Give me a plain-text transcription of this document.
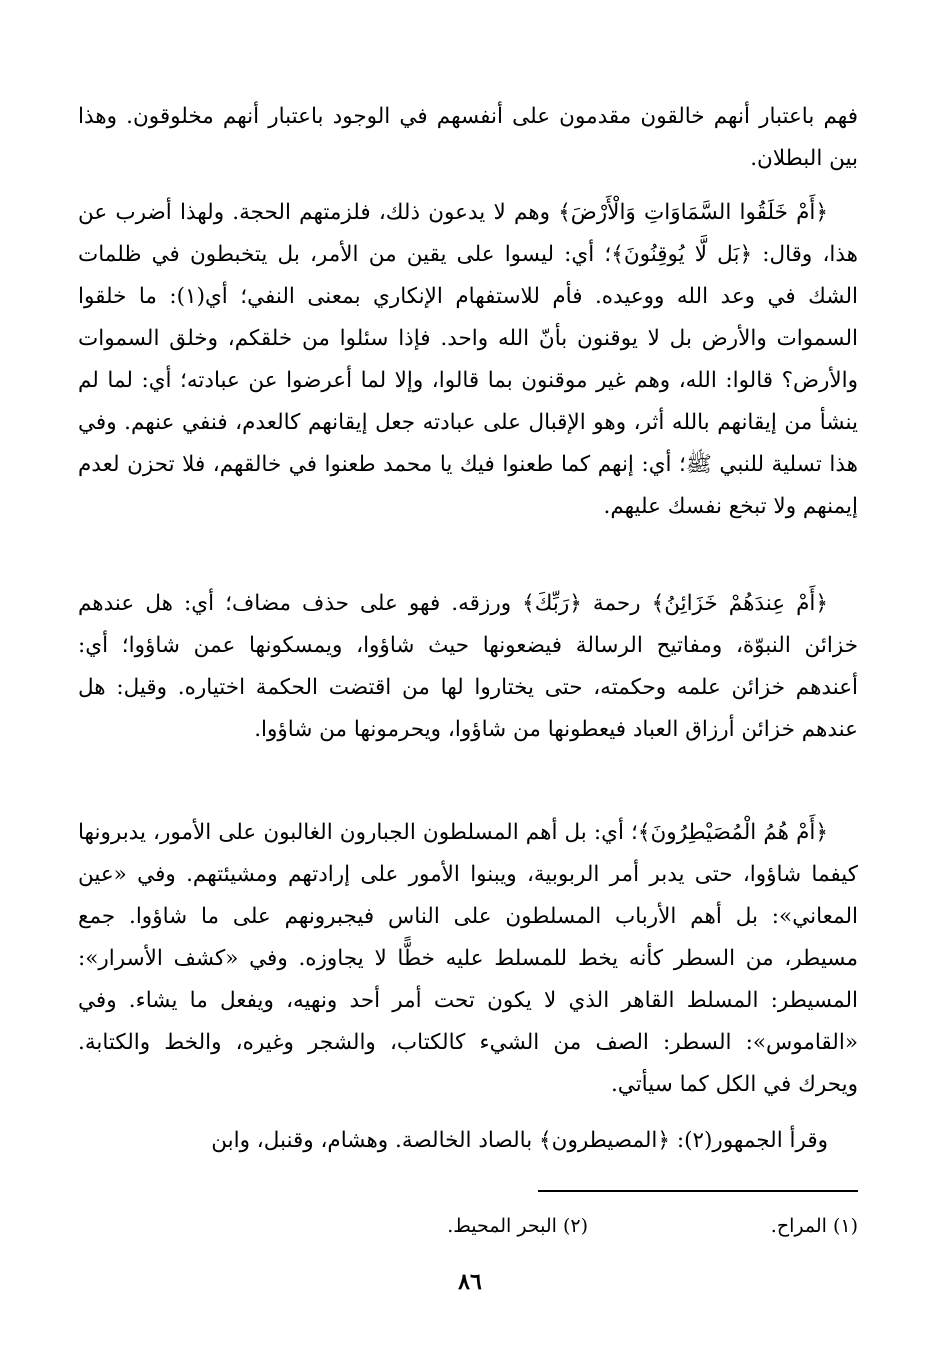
فهم باعتبار أنهم خالقون مقدمون على أنفسهم في الوجود باعتبار أنهم مخلوقون. وهذا بين البطلان.

﴿أَمْ خَلَقُوا السَّمَاوَاتِ وَالْأَرْضَ﴾ وهم لا يدعون ذلك، فلزمتهم الحجة. ولهذا أضرب عن هذا، وقال: ﴿بَل لَّا يُوقِنُونَ﴾؛ أي: ليسوا على يقين من الأمر، بل يتخبطون في ظلمات الشك في وعد الله ووعيده. فأم للاستفهام الإنكاري بمعنى النفي؛ أي(١): ما خلقوا السموات والأرض بل لا يوقنون بأنّ الله واحد. فإذا سئلوا من خلقكم، وخلق السموات والأرض؟ قالوا: الله، وهم غير موقنون بما قالوا، وإلا لما أعرضوا عن عبادته؛ أي: لما لم ينشأ من إيقانهم بالله أثر، وهو الإقبال على عبادته جعل إيقانهم كالعدم، فنفي عنهم. وفي هذا تسلية للنبي ﷺ؛ أي: إنهم كما طعنوا فيك يا محمد طعنوا في خالقهم، فلا تحزن لعدم إيمنهم ولا تبخع نفسك عليهم.

﴿أَمْ عِندَهُمْ خَزَائِنُ﴾ رحمة ﴿رَبِّكَ﴾ ورزقه. فهو على حذف مضاف؛ أي: هل عندهم خزائن النبوّة، ومفاتيح الرسالة فيضعونها حيث شاؤوا، ويمسكونها عمن شاؤوا؛ أي: أعندهم خزائن علمه وحكمته، حتى يختاروا لها من اقتضت الحكمة اختياره. وقيل: هل عندهم خزائن أرزاق العباد فيعطونها من شاؤوا، ويحرمونها من شاؤوا.

﴿أَمْ هُمُ الْمُصَيْطِرُونَ﴾؛ أي: بل أهم المسلطون الجبارون الغالبون على الأمور، يدبرونها كيفما شاؤوا، حتى يدبر أمر الربوبية، ويبنوا الأمور على إرادتهم ومشيئتهم. وفي «عين المعاني»: بل أهم الأرباب المسلطون على الناس فيجبرونهم على ما شاؤوا. جمع مسيطر، من السطر كأنه يخط للمسلط عليه خطًّا لا يجاوزه. وفي «كشف الأسرار»: المسيطر: المسلط القاهر الذي لا يكون تحت أمر أحد ونهيه، ويفعل ما يشاء. وفي «القاموس»: السطر: الصف من الشيء كالكتاب، والشجر وغيره، والخط والكتابة. ويحرك في الكل كما سيأتي.

وقرأ الجمهور(٢): ﴿المصيطرون﴾ بالصاد الخالصة. وهشام، وقنبل، وابن

(١) المراح.
(٢) البحر المحيط.
٨٦
